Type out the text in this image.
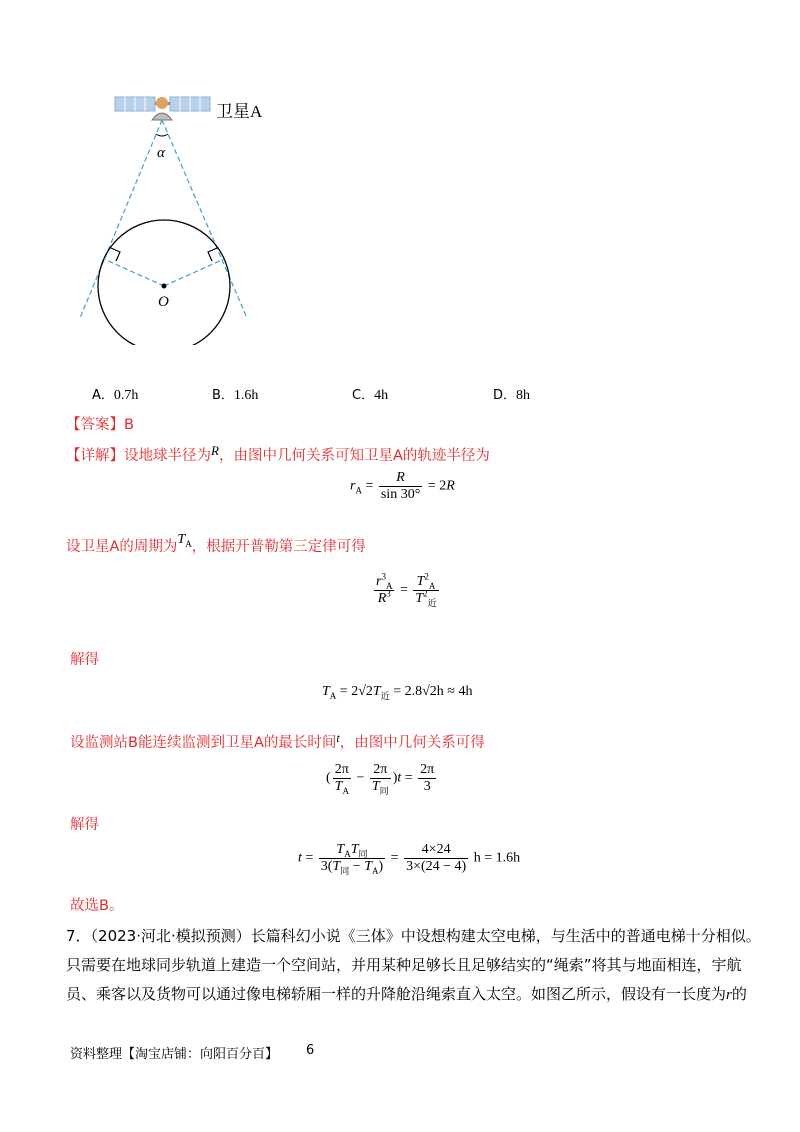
卫星A
α
O
A．0.7h	B．1.6h	C．4h	D．8h
【答案】B
【详解】设地球半径为R，由图中几何关系可知卫星A的轨迹半径为
$r_A = \frac{R}{\sin 30^\circ} = 2R$
设卫星A的周期为$T_A$，根据开普勒第三定律可得
$\frac{r^3_A}{R^3} = \frac{T^2_A}{T^2_近}$
解得
$T_A = 2√2T_近 = 2.8√2h \approx 4h$
设监测站B能连续监测到卫星A的最长时间$^t$，由图中几何关系可得
( $\frac{2\pi}{T_A} - \frac{2\pi}{T_同} )t = \frac{2\pi}{3}$
解得
$t = \frac{T_AT_同}{3(T_同 - T_A)} = \frac{4\times 24}{3\times(24 - 4)}$ h = 1.6h
故选B。
7．（2023·河北·模拟预测）长篇科幻小说《三体》中设想构建太空电梯，与生活中的普通电梯十分相似。
只需要在地球同步轨道上建造一个空间站，并用某种足够长且足够结实的“绳索”将其与地面相连，宇航
员、乘客以及货物可以通过像电梯轿厢一样的升降舱沿绳索直入太空。如图乙所示，假设有一长度为r的
资料整理【淘宝店铺：向阳百分百】 6
